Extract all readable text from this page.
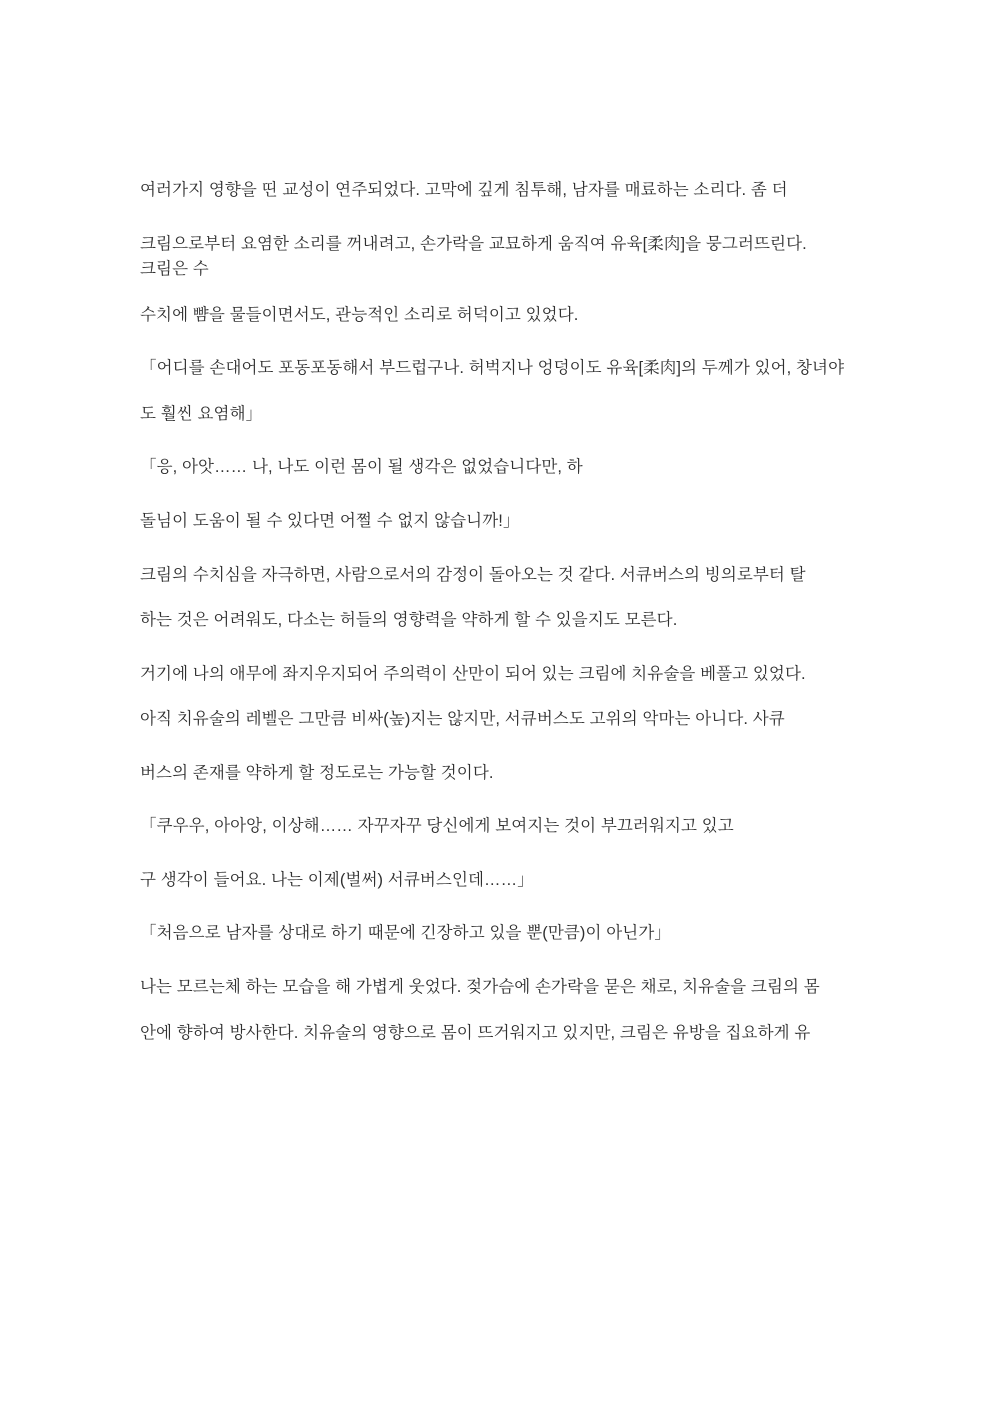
여러가지 영향을 띤 교성이 연주되었다. 고막에 깊게 침투해, 남자를 매료하는 소리다. 좀 더

크림으로부터 요염한 소리를 꺼내려고, 손가락을 교묘하게 움직여 유육[柔肉]을 뭉그러뜨린다. 크림은 수

수치에 뺨을 물들이면서도, 관능적인 소리로 허덕이고 있었다.

「어디를 손대어도 포동포동해서 부드럽구나. 허벅지나 엉덩이도 유육[柔肉]의 두께가 있어, 창녀야

도 훨씬 요염해」

「응, 아앗…… 나, 나도 이런 몸이 될 생각은 없었습니다만, 하

돌님이 도움이 될 수 있다면 어쩔 수 없지 않습니까!」

크림의 수치심을 자극하면, 사람으로서의 감정이 돌아오는 것 같다. 서큐버스의 빙의로부터 탈

하는 것은 어려워도, 다소는 허들의 영향력을 약하게 할 수 있을지도 모른다.

거기에 나의 애무에 좌지우지되어 주의력이 산만이 되어 있는 크림에 치유술을 베풀고 있었다.

아직 치유술의 레벨은 그만큼 비싸(높)지는 않지만, 서큐버스도 고위의 악마는 아니다. 사큐

버스의 존재를 약하게 할 정도로는 가능할 것이다.

「쿠우우, 아아앙, 이상해…… 자꾸자꾸 당신에게 보여지는 것이 부끄러워지고 있고

구 생각이 들어요. 나는 이제(벌써) 서큐버스인데……」

「처음으로 남자를 상대로 하기 때문에 긴장하고 있을 뿐(만큼)이 아닌가」

나는 모르는체 하는 모습을 해 가볍게 웃었다. 젖가슴에 손가락을 묻은 채로, 치유술을 크림의 몸

안에 향하여 방사한다. 치유술의 영향으로 몸이 뜨거워지고 있지만, 크림은 유방을 집요하게 유
